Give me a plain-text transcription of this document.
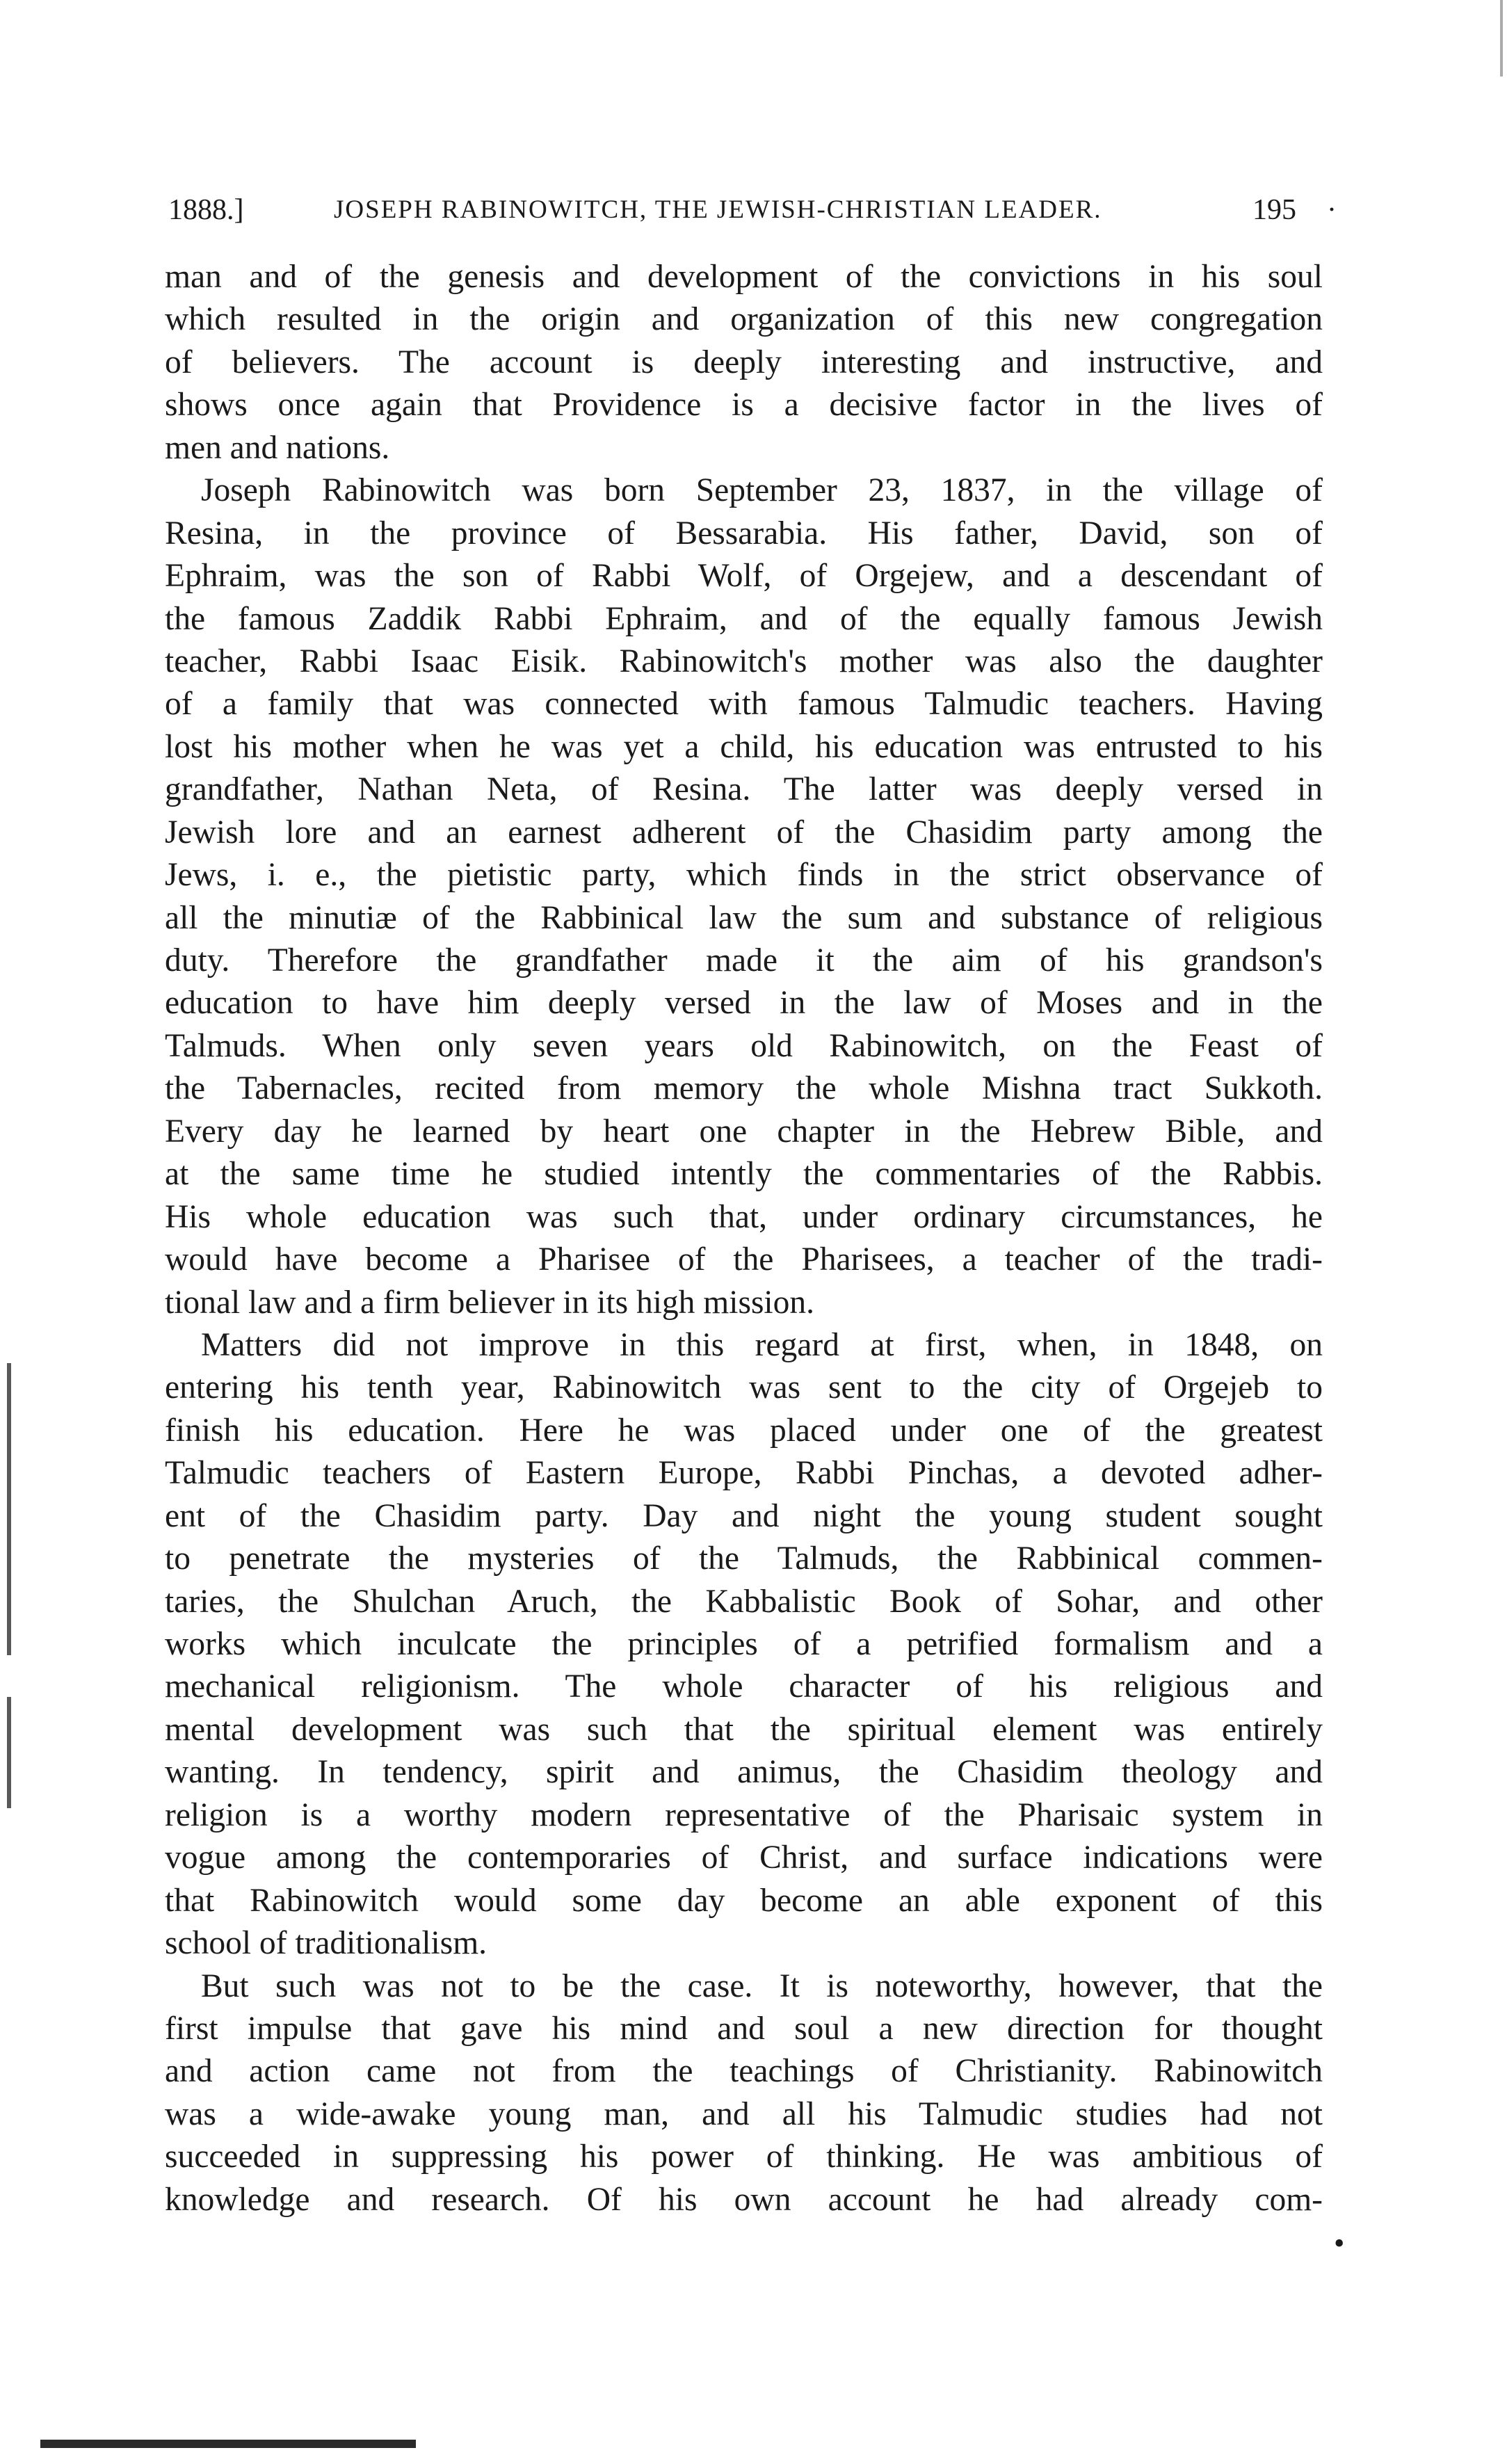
1888.]	JOSEPH RABINOWITCH, THE JEWISH-CHRISTIAN LEADER.	195 ·
man and of the genesis and development of the convictions in his soul
which resulted in the origin and organization of this new congregation
of believers. The account is deeply interesting and instructive, and
shows once again that Providence is a decisive factor in the lives of
men and nations.
Joseph Rabinowitch was born September 23, 1837, in the village of
Resina, in the province of Bessarabia. His father, David, son of
Ephraim, was the son of Rabbi Wolf, of Orgejew, and a descendant of
the famous Zaddik Rabbi Ephraim, and of the equally famous Jewish
teacher, Rabbi Isaac Eisik. Rabinowitch's mother was also the daughter
of a family that was connected with famous Talmudic teachers. Having
lost his mother when he was yet a child, his education was entrusted to his
grandfather, Nathan Neta, of Resina. The latter was deeply versed in
Jewish lore and an earnest adherent of the Chasidim party among the
Jews, i. e., the pietistic party, which finds in the strict observance of
all the minutiæ of the Rabbinical law the sum and substance of religious
duty. Therefore the grandfather made it the aim of his grandson's
education to have him deeply versed in the law of Moses and in the
Talmuds. When only seven years old Rabinowitch, on the Feast of
the Tabernacles, recited from memory the whole Mishna tract Sukkoth.
Every day he learned by heart one chapter in the Hebrew Bible, and
at the same time he studied intently the commentaries of the Rabbis.
His whole education was such that, under ordinary circumstances, he
would have become a Pharisee of the Pharisees, a teacher of the tradi-
tional law and a firm believer in its high mission.
Matters did not improve in this regard at first, when, in 1848, on
entering his tenth year, Rabinowitch was sent to the city of Orgejeb to
finish his education. Here he was placed under one of the greatest
Talmudic teachers of Eastern Europe, Rabbi Pinchas, a devoted adher-
ent of the Chasidim party. Day and night the young student sought
to penetrate the mysteries of the Talmuds, the Rabbinical commen-
taries, the Shulchan Aruch, the Kabbalistic Book of Sohar, and other
works which inculcate the principles of a petrified formalism and a
mechanical religionism. The whole character of his religious and
mental development was such that the spiritual element was entirely
wanting. In tendency, spirit and animus, the Chasidim theology and
religion is a worthy modern representative of the Pharisaic system in
vogue among the contemporaries of Christ, and surface indications were
that Rabinowitch would some day become an able exponent of this
school of traditionalism.
But such was not to be the case. It is noteworthy, however, that the
first impulse that gave his mind and soul a new direction for thought
and action came not from the teachings of Christianity. Rabinowitch
was a wide-awake young man, and all his Talmudic studies had not
succeeded in suppressing his power of thinking. He was ambitious of
knowledge and research. Of his own account he had already com-
•
